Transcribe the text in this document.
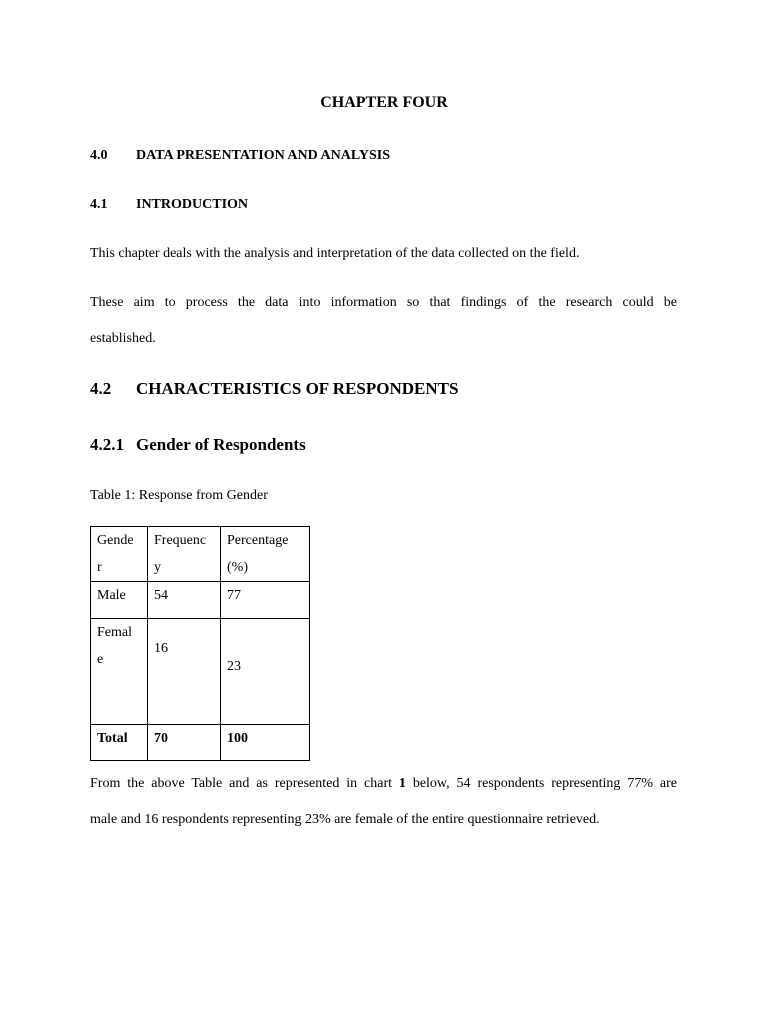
CHAPTER FOUR
4.0 DATA PRESENTATION AND ANALYSIS
4.1 INTRODUCTION
This chapter deals with the analysis and interpretation of the data collected on the field.
These aim to process the data into information so that findings of the research could be
established.
4.2 CHARACTERISTICS OF RESPONDENTS
4.2.1 Gender of Respondents
Table 1: Response from Gender
Gende r	Frequenc y	Percentage (%)
Male	54	77
Femal e	16	23
Total	70	100
From the above Table and as represented in chart 1 below, 54 respondents representing 77% are
male and 16 respondents representing 23% are female of the entire questionnaire retrieved.
